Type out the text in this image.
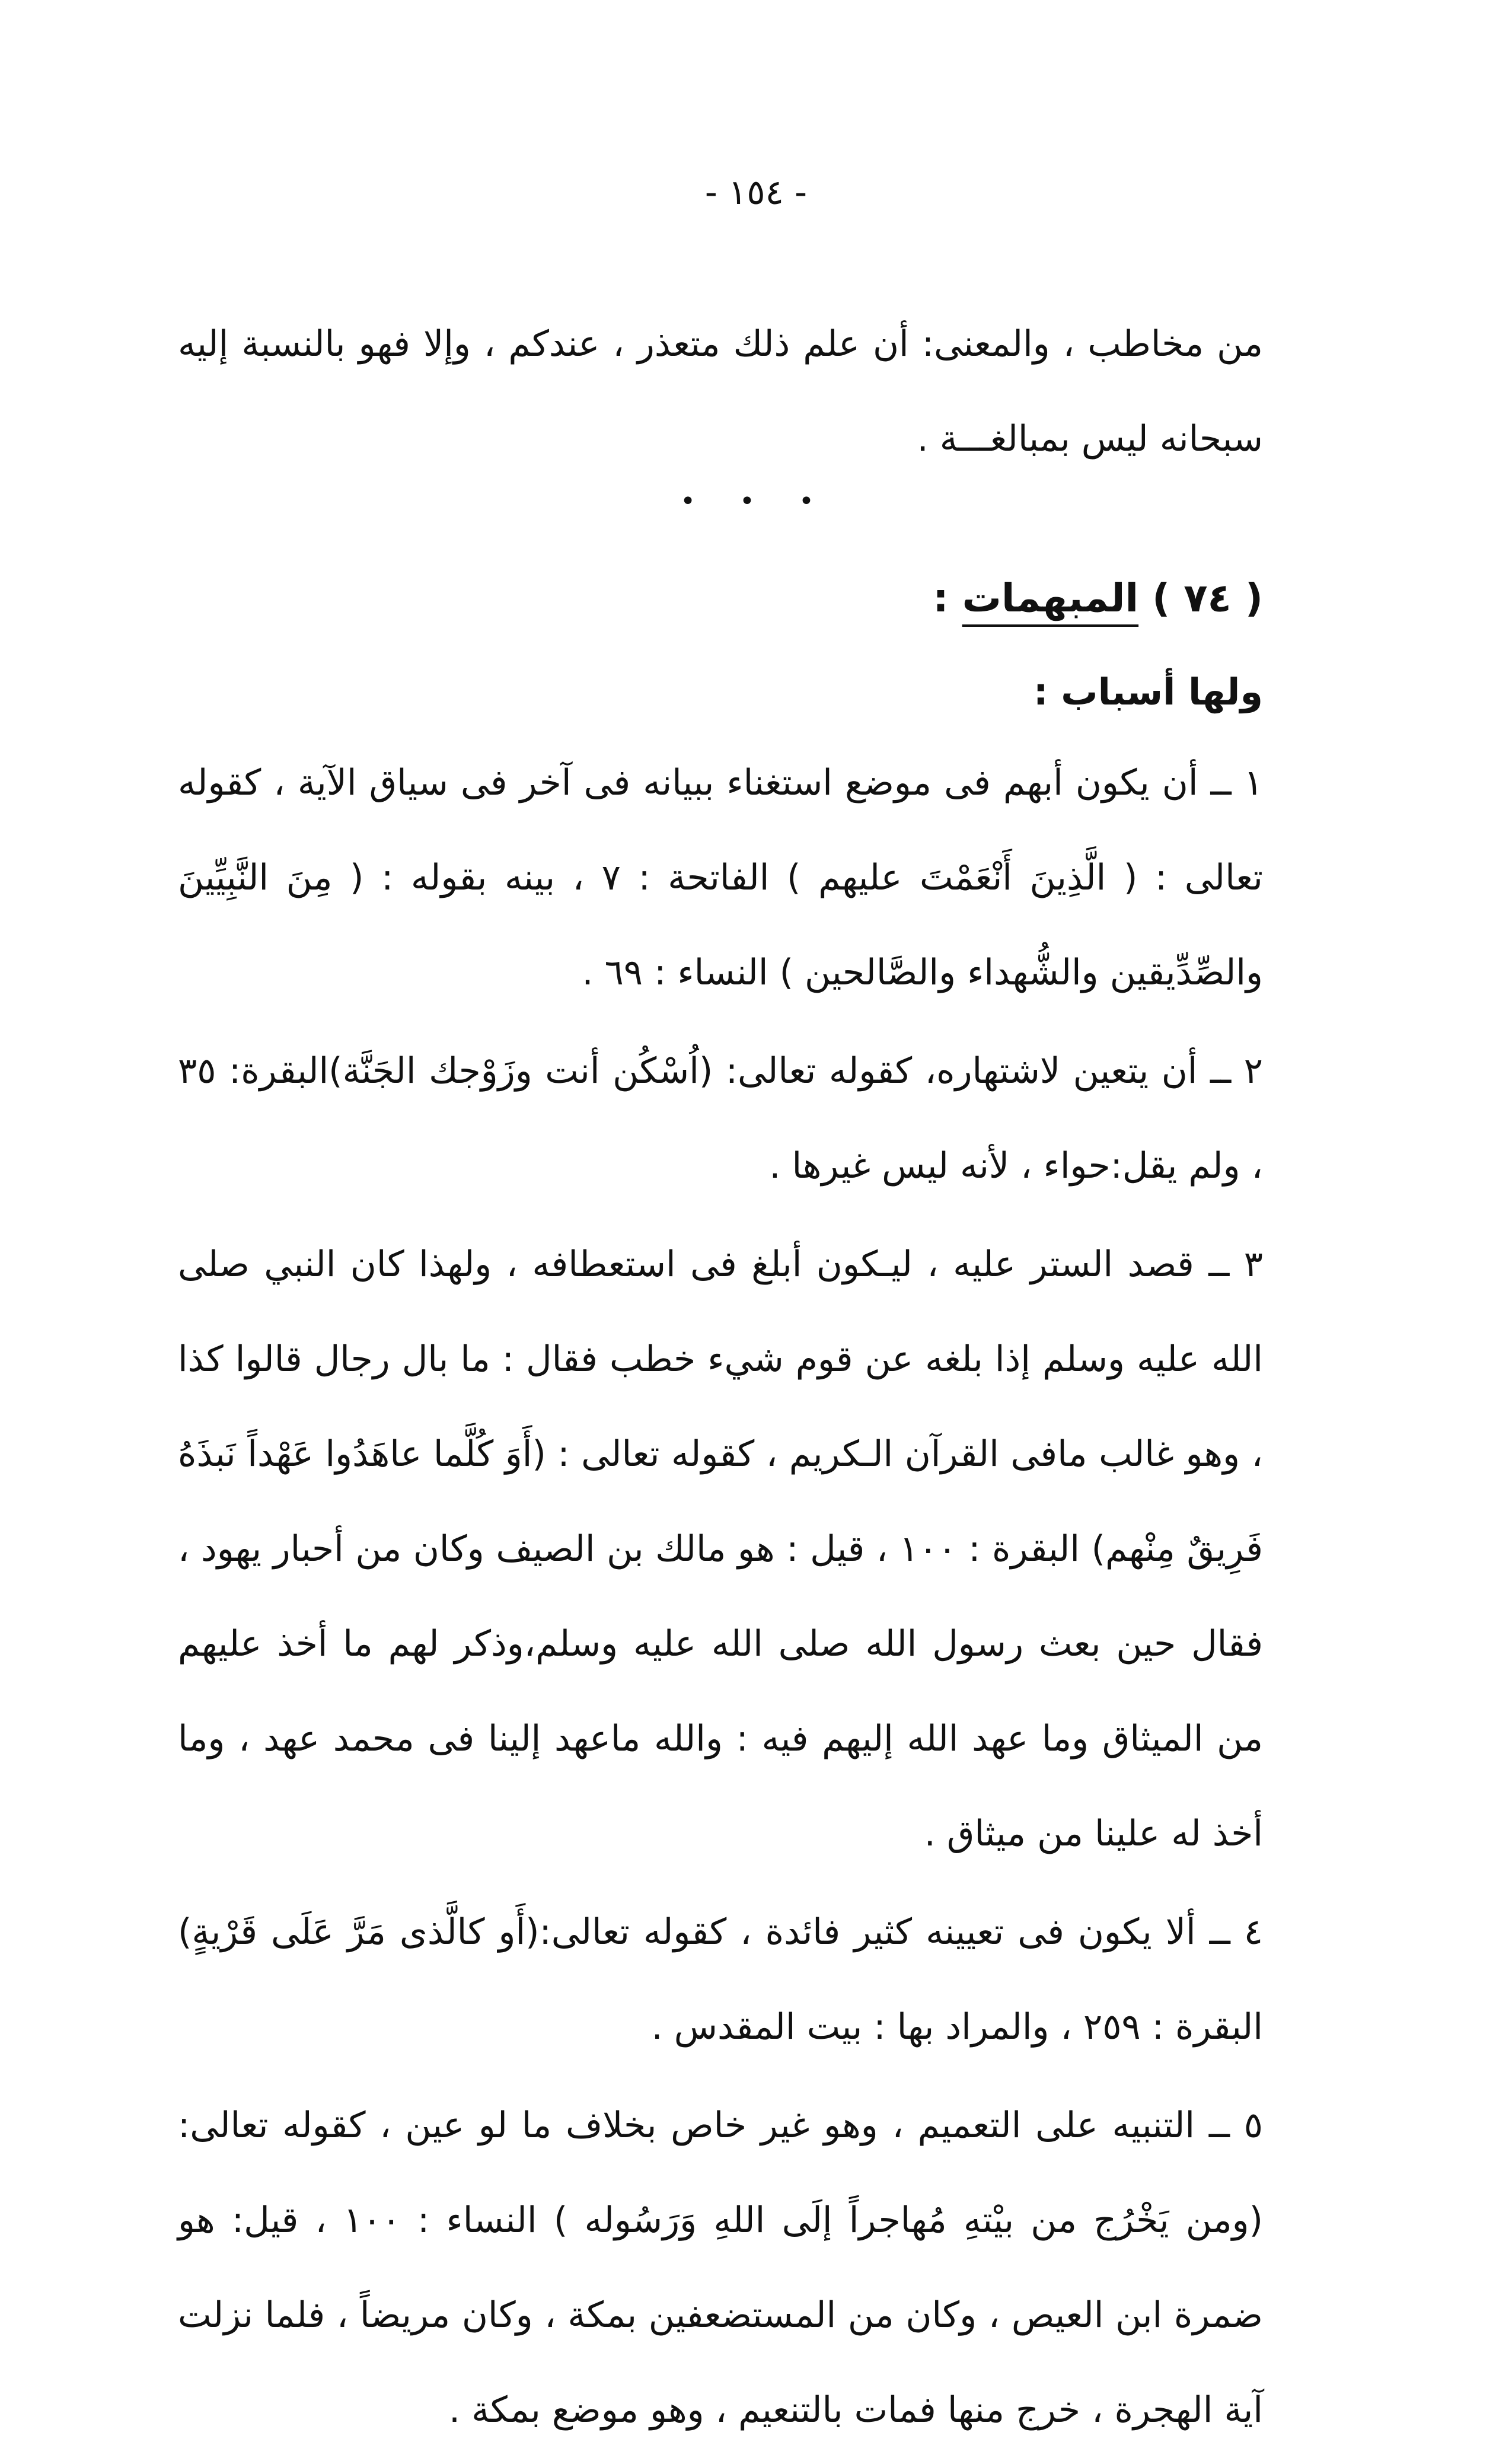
- ١٥٤ -

من مخاطب ، والمعنى: أن علم ذلك متعذر ، عندكم ، وإلا فهو بالنسبة إليه سبحانه ليس بمبالغـــة .

• • •
( ٧٤ ) المبهمات :
ولها أسباب :

١ ــ أن يكون أبهم فى موضع استغناء ببيانه فى آخر فى سياق الآية ، كقوله تعالى : ( الَّذِينَ أَنْعَمْتَ عليهم ) الفاتحة : ٧ ، بينه بقوله : ( مِنَ النَّبِيِّينَ والصِّدِّيقين والشُّهداء والصَّالحين ) النساء : ٦٩ .

٢ ــ أن يتعين لاشتهاره، كقوله تعالى: (اُسْكُن أنت وزَوْجك الجَنَّة)البقرة: ٣٥ ، ولم يقل:حواء ، لأنه ليس غيرها .

٣ ــ قصد الستر عليه ، ليـكون أبلغ فى استعطافه ، ولهذا كان النبي صلى الله عليه وسلم إذا بلغه عن قوم شيء خطب فقال : ما بال رجال قالوا كذا ، وهو غالب مافى القرآن الـكريم ، كقوله تعالى : (أَوَ كُلَّما عاهَدُوا عَهْداً نَبذَهُ فَرِيقٌ مِنْهم) البقرة : ١٠٠ ، قيل : هو مالك بن الصيف وكان من أحبار يهود ، فقال حين بعث رسول الله صلى الله عليه وسلم،وذكر لهم ما أخذ عليهم من الميثاق وما عهد الله إليهم فيه : والله ماعهد إلينا فى محمد عهد ، وما أخذ له علينا من ميثاق .

٤ ــ ألا يكون فى تعيينه كثير فائدة ، كقوله تعالى:(أَو كالَّذى مَرَّ عَلَى قَرْيةٍ) البقرة : ٢٥٩ ، والمراد بها : بيت المقدس .

٥ ــ التنبيه على التعميم ، وهو غير خاص بخلاف ما لو عين ، كقوله تعالى: (ومن يَخْرُج من بيْتهِ مُهاجراً إلَى اللهِ وَرَسُوله ) النساء : ١٠٠ ، قيل: هو ضمرة ابن العيص ، وكان من المستضعفين بمكة ، وكان مريضاً ، فلما نزلت آية الهجرة ، خرج منها فمات بالتنعيم ، وهو موضع بمكة .
